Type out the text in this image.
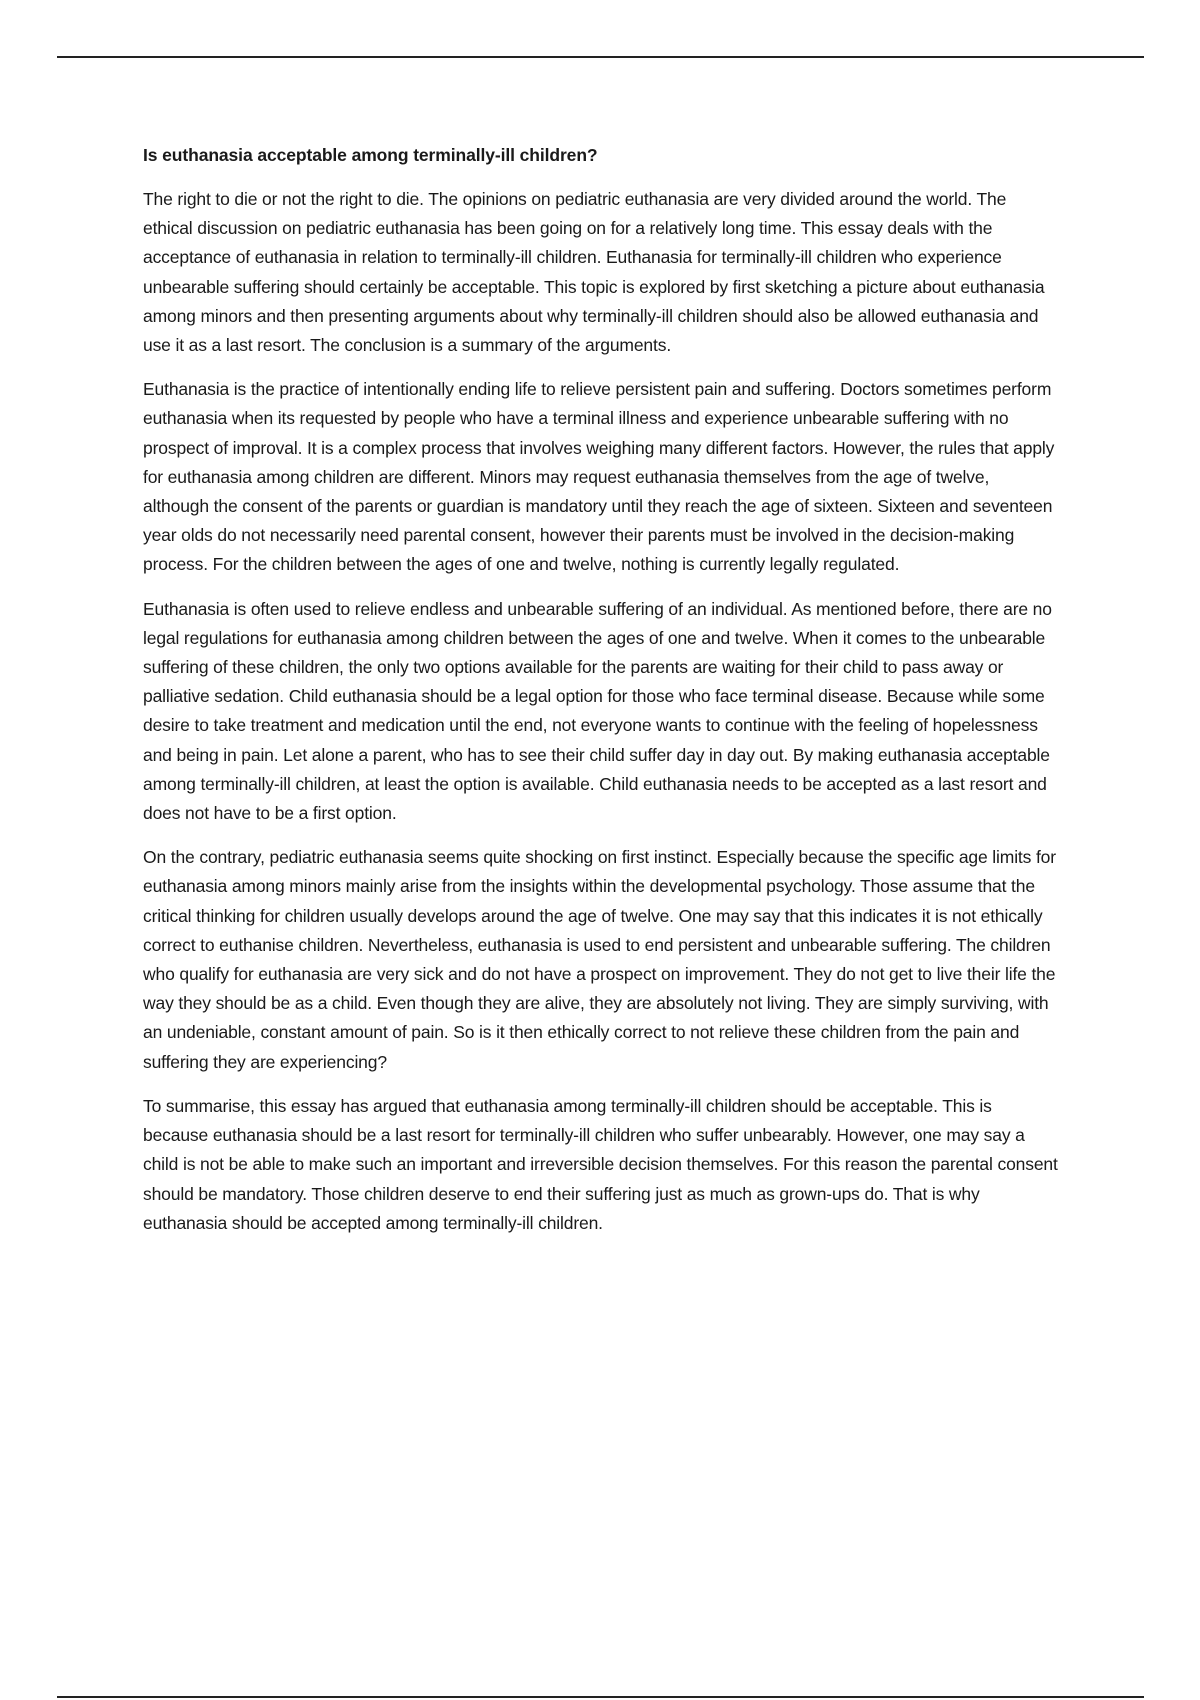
Is euthanasia acceptable among terminally-ill children?

The right to die or not the right to die. The opinions on pediatric euthanasia are very divided around the world. The ethical discussion on pediatric euthanasia has been going on for a relatively long time. This essay deals with the acceptance of euthanasia in relation to terminally-ill children. Euthanasia for terminally-ill children who experience unbearable suffering should certainly be acceptable. This topic is explored by first sketching a picture about euthanasia among minors and then presenting arguments about why terminally-ill children should also be allowed euthanasia and use it as a last resort. The conclusion is a summary of the arguments.

Euthanasia is the practice of intentionally ending life to relieve persistent pain and suffering. Doctors sometimes perform euthanasia when its requested by people who have a terminal illness and experience unbearable suffering with no prospect of improval. It is a complex process that involves weighing many different factors. However, the rules that apply for euthanasia among children are different. Minors may request euthanasia themselves from the age of twelve, although the consent of the parents or guardian is mandatory until they reach the age of sixteen. Sixteen and seventeen year olds do not necessarily need parental consent, however their parents must be involved in the decision-making process. For the children between the ages of one and twelve, nothing is currently legally regulated.

Euthanasia is often used to relieve endless and unbearable suffering of an individual. As mentioned before, there are no legal regulations for euthanasia among children between the ages of one and twelve. When it comes to the unbearable suffering of these children, the only two options available for the parents are waiting for their child to pass away or palliative sedation. Child euthanasia should be a legal option for those who face terminal disease. Because while some desire to take treatment and medication until the end, not everyone wants to continue with the feeling of hopelessness and being in pain. Let alone a parent, who has to see their child suffer day in day out. By making euthanasia acceptable among terminally-ill children, at least the option is available. Child euthanasia needs to be accepted as a last resort and does not have to be a first option.

On the contrary, pediatric euthanasia seems quite shocking on first instinct. Especially because the specific age limits for euthanasia among minors mainly arise from the insights within the developmental psychology. Those assume that the critical thinking for children usually develops around the age of twelve. One may say that this indicates it is not ethically correct to euthanise children. Nevertheless, euthanasia is used to end persistent and unbearable suffering. The children who qualify for euthanasia are very sick and do not have a prospect on improvement. They do not get to live their life the way they should be as a child. Even though they are alive, they are absolutely not living. They are simply surviving, with an undeniable, constant amount of pain. So is it then ethically correct to not relieve these children from the pain and suffering they are experiencing?

To summarise, this essay has argued that euthanasia among terminally-ill children should be acceptable. This is because euthanasia should be a last resort for terminally-ill children who suffer unbearably. However, one may say a child is not be able to make such an important and irreversible decision themselves. For this reason the parental consent should be mandatory. Those children deserve to end their suffering just as much as grown-ups do. That is why euthanasia should be accepted among terminally-ill children.
